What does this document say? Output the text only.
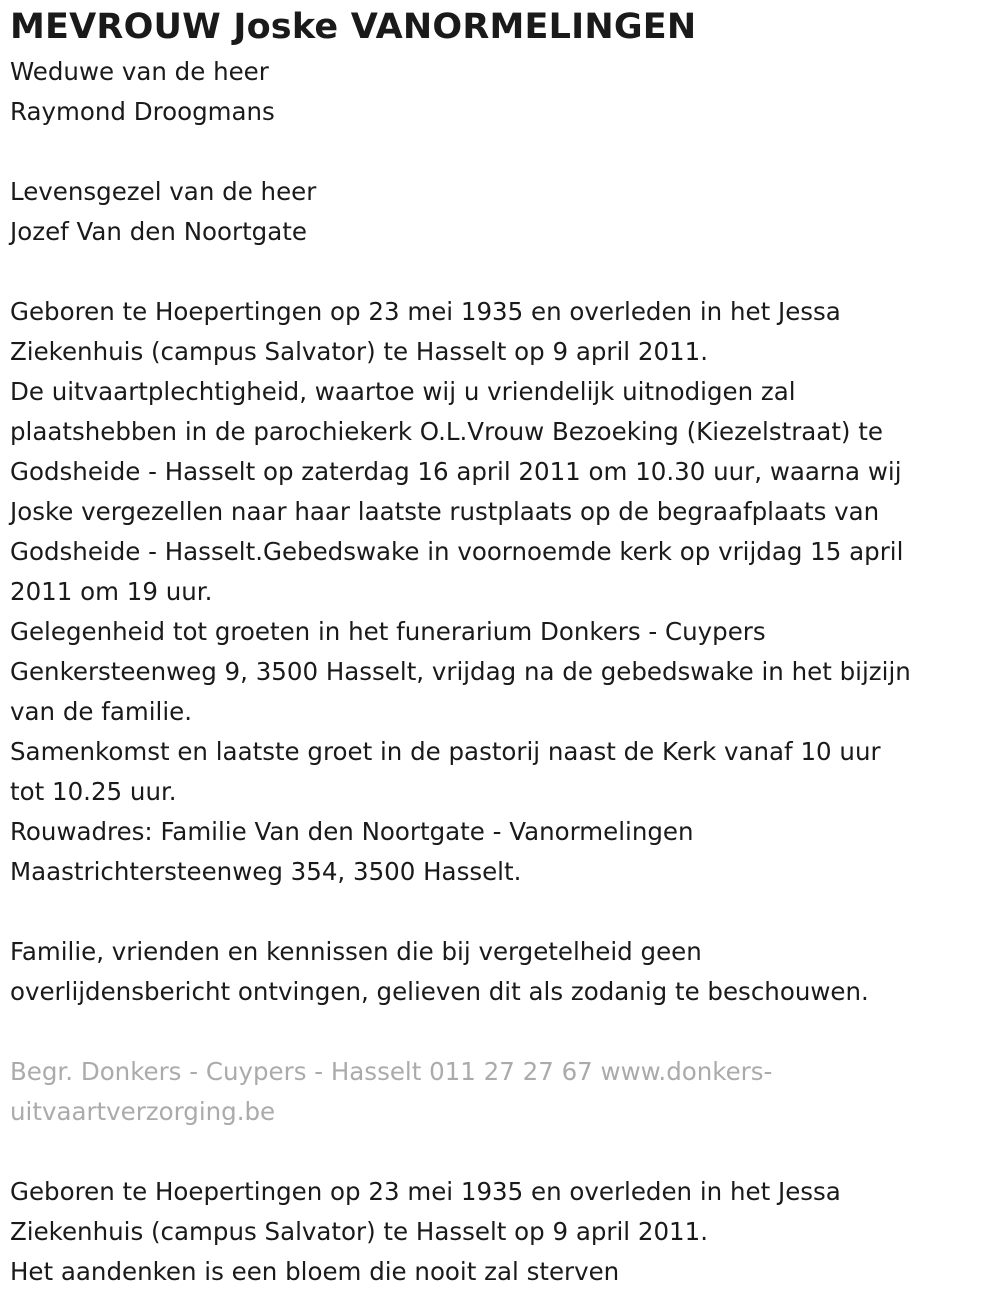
MEVROUW Joske VANORMELINGEN
Weduwe van de heer
Raymond Droogmans
Levensgezel van de heer
Jozef Van den Noortgate
Geboren te Hoepertingen op 23 mei 1935 en overleden in het Jessa
Ziekenhuis (campus Salvator) te Hasselt op 9 april 2011.
De uitvaartplechtigheid, waartoe wij u vriendelijk uitnodigen zal
plaatshebben in de parochiekerk O.L.Vrouw Bezoeking (Kiezelstraat) te
Godsheide - Hasselt op zaterdag 16 april 2011 om 10.30 uur, waarna wij
Joske vergezellen naar haar laatste rustplaats op de begraafplaats van
Godsheide - Hasselt.Gebedswake in voornoemde kerk op vrijdag 15 april
2011 om 19 uur.
Gelegenheid tot groeten in het funerarium Donkers - Cuypers
Genkersteenweg 9, 3500 Hasselt, vrijdag na de gebedswake in het bijzijn
van de familie.
Samenkomst en laatste groet in de pastorij naast de Kerk vanaf 10 uur
tot 10.25 uur.
Rouwadres: Familie Van den Noortgate - Vanormelingen
Maastrichtersteenweg 354, 3500 Hasselt.
Familie, vrienden en kennissen die bij vergetelheid geen
overlijdensbericht ontvingen, gelieven dit als zodanig te beschouwen.
Begr. Donkers - Cuypers - Hasselt 011 27 27 67 www.donkers-
uitvaartverzorging.be
Geboren te Hoepertingen op 23 mei 1935 en overleden in het Jessa
Ziekenhuis (campus Salvator) te Hasselt op 9 april 2011.
Het aandenken is een bloem die nooit zal sterven
